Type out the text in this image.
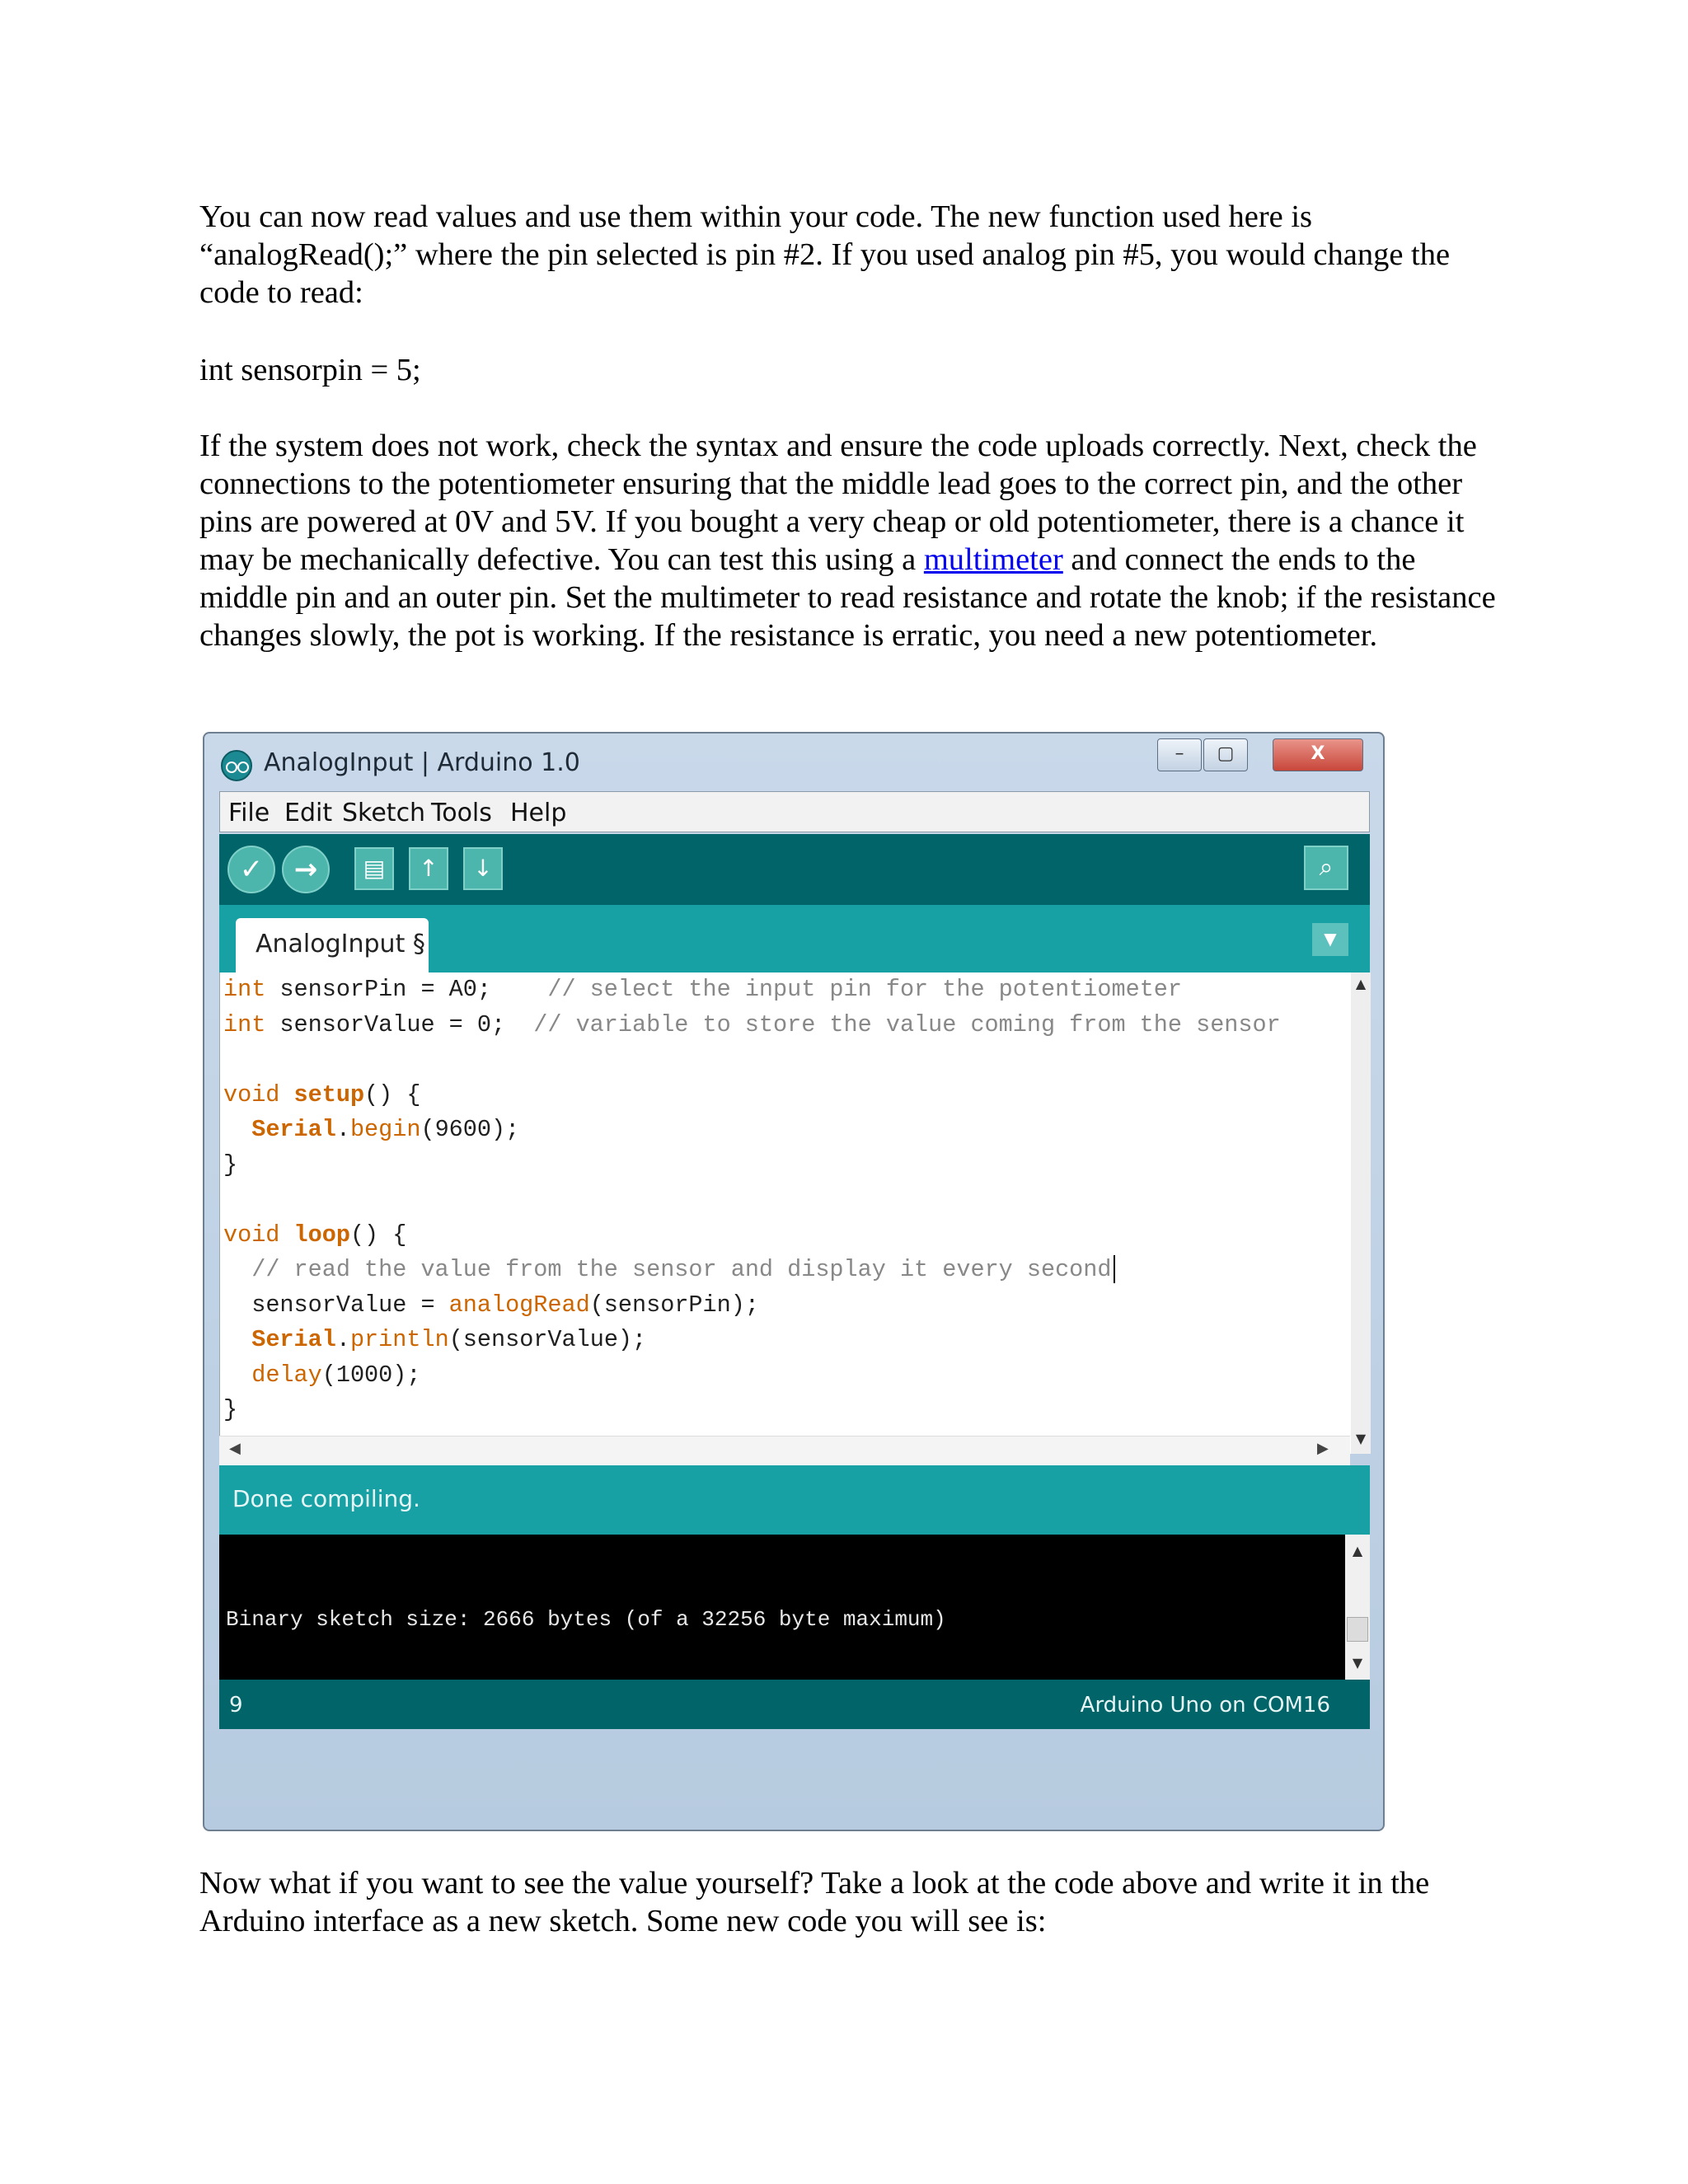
You can now read values and use them within your code. The new function used here is “analogRead();” where the pin selected is pin #2. If you used analog pin #5, you would change the code to read:
int sensorpin = 5;
If the system does not work, check the syntax and ensure the code uploads correctly. Next, check the connections to the potentiometer ensuring that the middle lead goes to the correct pin, and the other pins are powered at 0V and 5V. If you bought a very cheap or old potentiometer, there is a chance it may be mechanically defective. You can test this using a multimeter and connect the ends to the middle pin and an outer pin. Set the multimeter to read resistance and rotate the knob; if the resistance changes slowly, the pot is working. If the resistance is erratic, you need a new potentiometer.
AnalogInput | Arduino 1.0	–	▢	X
File Edit Sketch Tools Help
✓	→	▤	↑	↓	⌕
AnalogInput §	▼
int sensorPin = A0;    // select the input pin for the potentiometer
int sensorValue = 0;  // variable to store the value coming from the sensor

void setup() {
Serial.begin(9600);
}

void loop() {
// read the value from the sensor and display it every second
sensorValue = analogRead(sensorPin);
Serial.println(sensorValue);
delay(1000);
}
▲
▼
◀	▶
Done compiling.
Binary sketch size: 2666 bytes (of a 32256 byte maximum)
▲
▼
9	Arduino Uno on COM16
Now what if you want to see the value yourself? Take a look at the code above and write it in the Arduino interface as a new sketch. Some new code you will see is:
